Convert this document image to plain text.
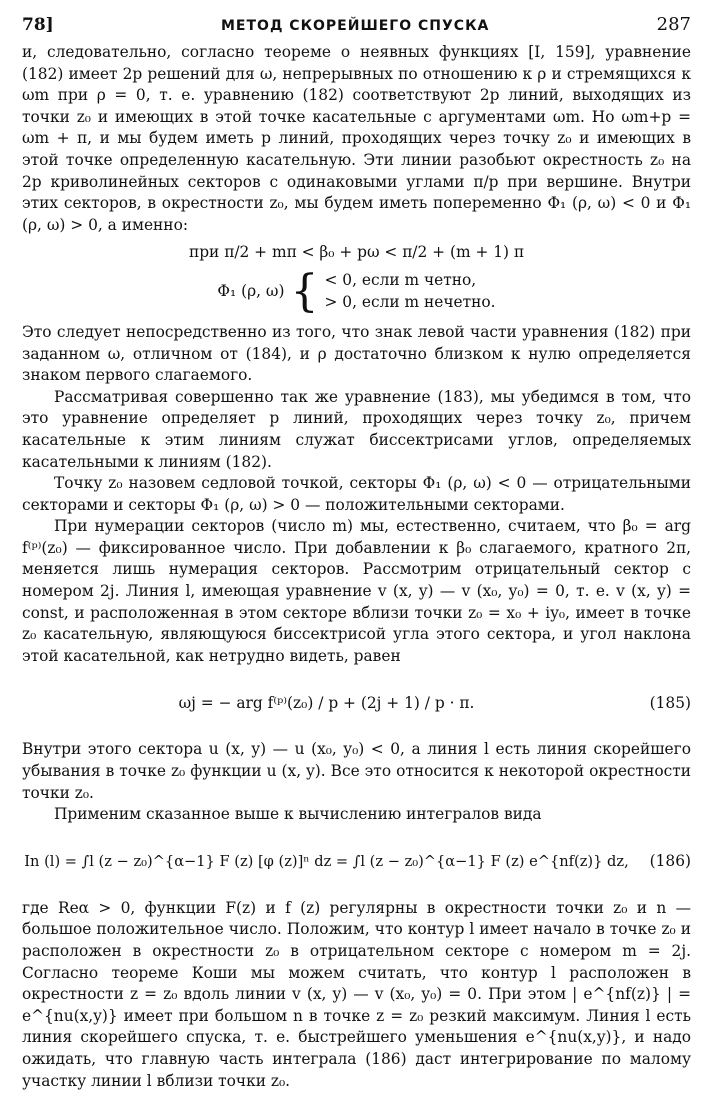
78]	МЕТОД СКОРЕЙШЕГО СПУСКА	287

и, следовательно, согласно теореме о неявных функциях [I, 159], уравнение (182) имеет 2p решений для ω, непрерывных по отношению к ρ и стремящихся к ωm при ρ = 0, т. е. уравнению (182) соответствуют 2p линий, выходящих из точки z₀ и имеющих в этой точке касательные с аргументами ωm. Но ωm+p = ωm + π, и мы будем иметь p линий, проходящих через точку z₀ и имеющих в этой точке определенную касательную. Эти линии разобьют окрестность z₀ на 2p криволинейных секторов с одинаковыми углами π/p при вершине. Внутри этих секторов, в окрестности z₀, мы будем иметь попеременно Φ₁ (ρ, ω) < 0 и Φ₁ (ρ, ω) > 0, а именно:

при π/2 + mπ < β₀ + pω < π/2 + (m + 1) π
Φ₁ (ρ, ω) { < 0, если m четно,
> 0, если m нечетно.

Это следует непосредственно из того, что знак левой части уравнения (182) при заданном ω, отличном от (184), и ρ достаточно близком к нулю определяется знаком первого слагаемого.

Рассматривая совершенно так же уравнение (183), мы убедимся в том, что это уравнение определяет p линий, проходящих через точку z₀, причем касательные к этим линиям служат биссектрисами углов, определяемых касательными к линиям (182).

Точку z₀ назовем седловой точкой, секторы Φ₁ (ρ, ω) < 0 — отрицательными секторами и секторы Φ₁ (ρ, ω) > 0 — положительными секторами.

При нумерации секторов (число m) мы, естественно, считаем, что β₀ = arg f⁽ᵖ⁾(z₀) — фиксированное число. При добавлении к β₀ слагаемого, кратного 2π, меняется лишь нумерация секторов. Рассмотрим отрицательный сектор с номером 2j. Линия l, имеющая уравнение v (x, y) — v (x₀, y₀) = 0, т. е. v (x, y) = const, и расположенная в этом секторе вблизи точки z₀ = x₀ + iy₀, имеет в точке z₀ касательную, являющуюся биссектрисой угла этого сектора, и угол наклона этой касательной, как нетрудно видеть, равен

ωj = − arg f⁽ᵖ⁾(z₀) / p + (2j + 1) / p · π.	(185)

Внутри этого сектора u (x, y) — u (x₀, y₀) < 0, а линия l есть линия скорейшего убывания в точке z₀ функции u (x, y). Все это относится к некоторой окрестности точки z₀.

Применим сказанное выше к вычислению интегралов вида

In (l) = ∫l (z − z₀)^{α−1} F (z) [φ (z)]ⁿ dz = ∫l (z − z₀)^{α−1} F (z) e^{nf(z)} dz,	(186)

где Reα > 0, функции F(z) и f (z) регулярны в окрестности точки z₀ и n — большое положительное число. Положим, что контур l имеет начало в точке z₀ и расположен в окрестности z₀ в отрицательном секторе с номером m = 2j. Согласно теореме Коши мы можем считать, что контур l расположен в окрестности z = z₀ вдоль линии v (x, y) — v (x₀, y₀) = 0. При этом | e^{nf(z)} | = e^{nu(x,y)} имеет при большом n в точке z = z₀ резкий максимум. Линия l есть линия скорейшего спуска, т. е. быстрейшего уменьшения e^{nu(x,y)}, и надо ожидать, что главную часть интеграла (186) даст интегрирование по малому участку линии l вблизи точки z₀.
